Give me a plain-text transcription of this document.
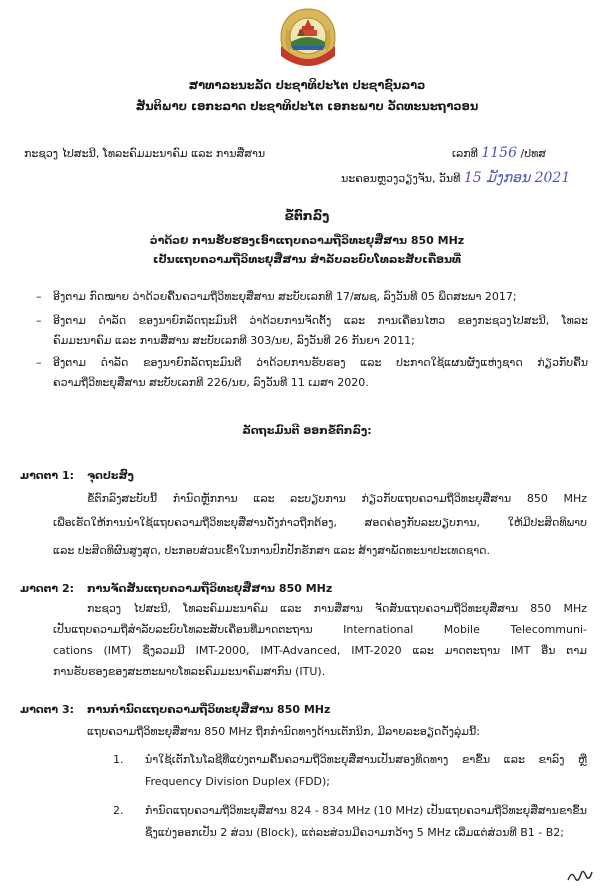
ສາທາລະນະລັດ ປະຊາທິປະໄຕ ປະຊາຊົນລາວ
ສັນຕິພາບ ເອກະລາດ ປະຊາທິປະໄຕ ເອກະພາບ ວັດທະນະຖາວອນ
ກະຊວງ ໄປສະນີ, ໂທລະຄົມມະນາຄົມ ແລະ ການສື່ສານ	ເລກທີ 1156 /ປທສ
ນະຄອນຫຼວງວຽງຈັນ, ວັນທີ 15 ມັງກອນ 2021
ຂໍ້ຕົກລົງ
ວ່າດ້ວຍ ການຮັບຮອງເອົາແຖບຄວາມຖີ່ວິທະຍຸສື່ສານ 850 MHz
ເປັນແຖບຄວາມຖີ່ວິທະຍຸສື່ສານ ສຳລັບລະບົບໂທລະສັບເຄື່ອນທີ່
– ອີງຕາມ ກົດໝາຍ ວ່າດ້ວຍຄື້ນຄວາມຖີ່ວິທະຍຸສື່ສານ ສະບັບເລກທີ 17/ສພຊ, ລົງວັນທີ 05 ພຶດສະພາ 2017;
– ອີງຕາມ ດຳລັດ ຂອງນາຍົກລັດຖະມົນຕີ ວ່າດ້ວຍການຈັດຕັ້ງ ແລະ ການເຄື່ອນໄຫວ ຂອງກະຊວງໄປສະນີ, ໂທລະ
ຄົມມະນາຄົມ ແລະ ການສື່ສານ ສະບັບເລກທີ 303/ນຍ, ລົງວັນທີ 26 ກັນຍາ 2011;
– ອີງຕາມ ດຳລັດ ຂອງນາຍົກລັດຖະມົນຕີ ວ່າດ້ວຍການຮັບຮອງ ແລະ ປະກາດໃຊ້ແຜນຜັງແຫ່ງຊາດ ກ່ຽວກັບຄື້ນ
ຄວາມຖີ່ວິທະຍຸສື່ສານ ສະບັບເລກທີ 226/ນຍ, ລົງວັນທີ 11 ເມສາ 2020.
ລັດຖະມົນຕີ ອອກຂໍ້ຕົກລົງ:
ມາດຕາ 1: ຈຸດປະສົງ
ຂໍ້ຕົກລົງສະບັບນີ້ ກຳນົດຫຼັກການ ແລະ ລະບຽບການ ກ່ຽວກັບແຖບຄວາມຖີ່ວິທະຍຸສື່ສານ 850 MHz
ເພື່ອເຮັດໃຫ້ການນຳໃຊ້ແຖບຄວາມຖີ່ວິທະຍຸສື່ສານດັ່ງກ່າວຖືກຕ້ອງ, ສອດຄ່ອງກັບລະບຽບການ, ໃຫ້ມີປະສິດທິພາບ
ແລະ ປະສິດທິຜົນສູງສຸດ, ປະກອບສ່ວນເຂົ້າໃນການປົກປັກຮັກສາ ແລະ ສ້າງສາພັດທະນາປະເທດຊາດ.
ມາດຕາ 2: ການຈັດສັນແຖບຄວາມຖີ່ວິທະຍຸສື່ສານ 850 MHz
ກະຊວງ ໄປສະນີ, ໂທລະຄົມມະນາຄົມ ແລະ ການສື່ສານ ຈັດສັນແຖບຄວາມຖີ່ວິທະຍຸສື່ສານ 850 MHz
ເປັນແຖບຄວາມຖີ່ສຳລັບລະບົບໂທລະສັບເຄື່ອນທີ່ມາດຕະຖານ International Mobile Telecommuni-
cations (IMT) ຊຶ່ງລວມມີ IMT-2000, IMT-Advanced, IMT-2020 ແລະ ມາດຕະຖານ IMT ອື່ນ ຕາມ
ການຮັບຮອງຂອງສະຫະພາບໂທລະຄົມມະນາຄົມສາກົນ (ITU).
ມາດຕາ 3: ການກຳນົດແຖບຄວາມຖີ່ວິທະຍຸສື່ສານ 850 MHz
ແຖບຄວາມຖີ່ວິທະຍຸສື່ສານ 850 MHz ຖືກກຳນົດທາງດ້ານເຕັກນິກ, ມີລາຍລະອຽດດັ່ງລຸ່ມນີ້:
1. ນຳໃຊ້ເຕັກໂນໂລຊີທີ່ແບ່ງຕາມຄື້ນຄວາມຖີ່ວິທະຍຸສື່ສານເປັນສອງທິດທາງ ຂາຂຶ້ນ ແລະ ຂາລົງ ຫຼື
Frequency Division Duplex (FDD);
2. ກຳນົດແຖບຄວາມຖີ່ວິທະຍຸສື່ສານ 824 - 834 MHz (10 MHz) ເປັນແຖບຄວາມຖີ່ວິທະຍຸສື່ສານຂາຂຶ້ນ
ຊຶ່ງແບ່ງອອກເປັນ 2 ສ່ວນ (Block), ແຕ່ລະສ່ວນມີຄວາມກວ້າງ 5 MHz ເລີ່ມແຕ່ສ່ວນທີ B1 - B2;
